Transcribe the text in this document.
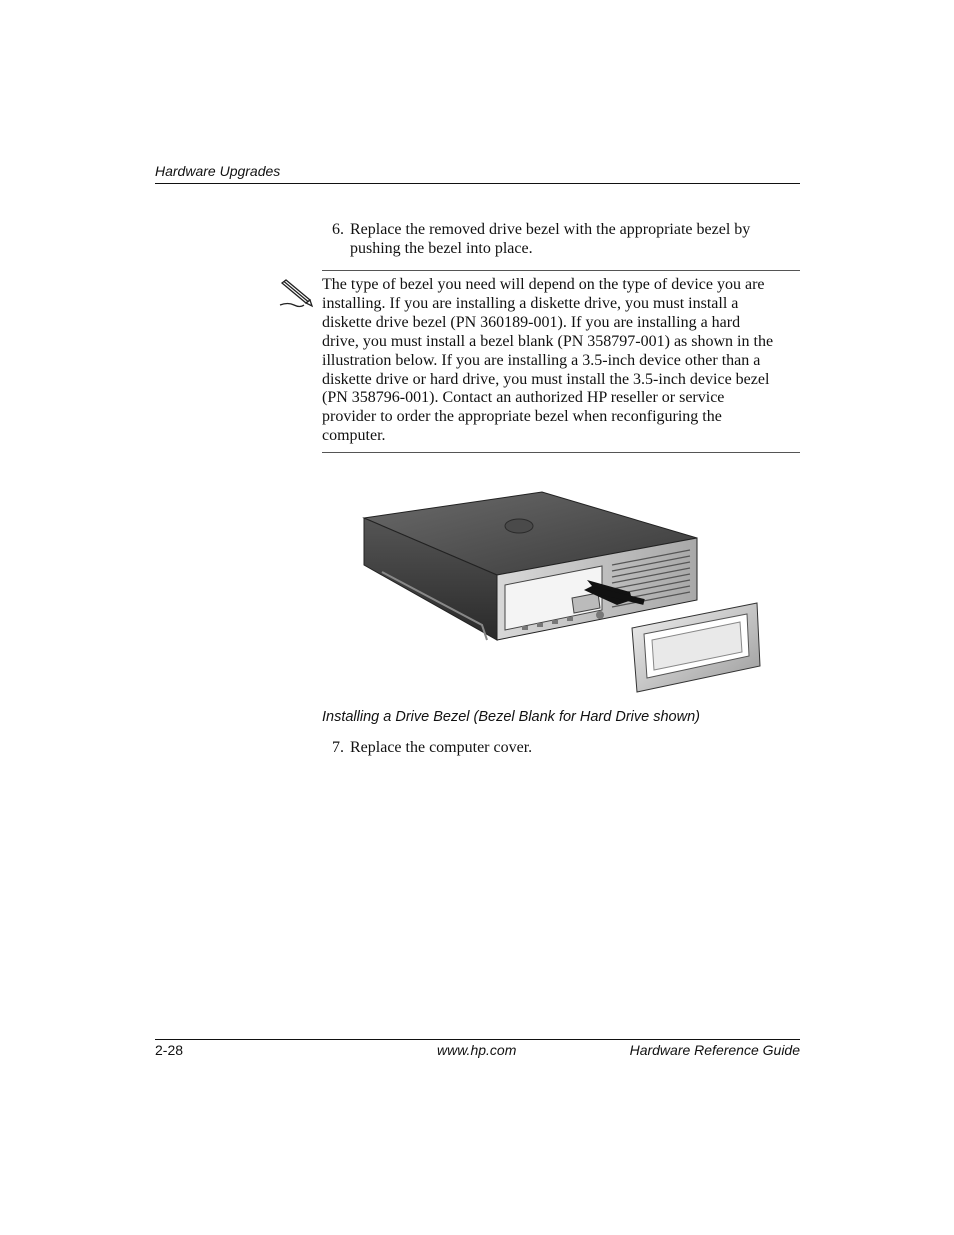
Hardware Upgrades
6. Replace the removed drive bezel with the appropriate bezel by
pushing the bezel into place.
The type of bezel you need will depend on the type of device you are
installing. If you are installing a diskette drive, you must install a
diskette drive bezel (PN 360189-001). If you are installing a hard
drive, you must install a bezel blank (PN 358797-001) as shown in the
illustration below. If you are installing a 3.5-inch device other than a
diskette drive or hard drive, you must install the 3.5-inch device bezel
(PN 358796-001). Contact an authorized HP reseller or service
provider to order the appropriate bezel when reconfiguring the
computer.
Installing a Drive Bezel (Bezel Blank for Hard Drive shown)
7. Replace the computer cover.
2-28	www.hp.com	Hardware Reference Guide
